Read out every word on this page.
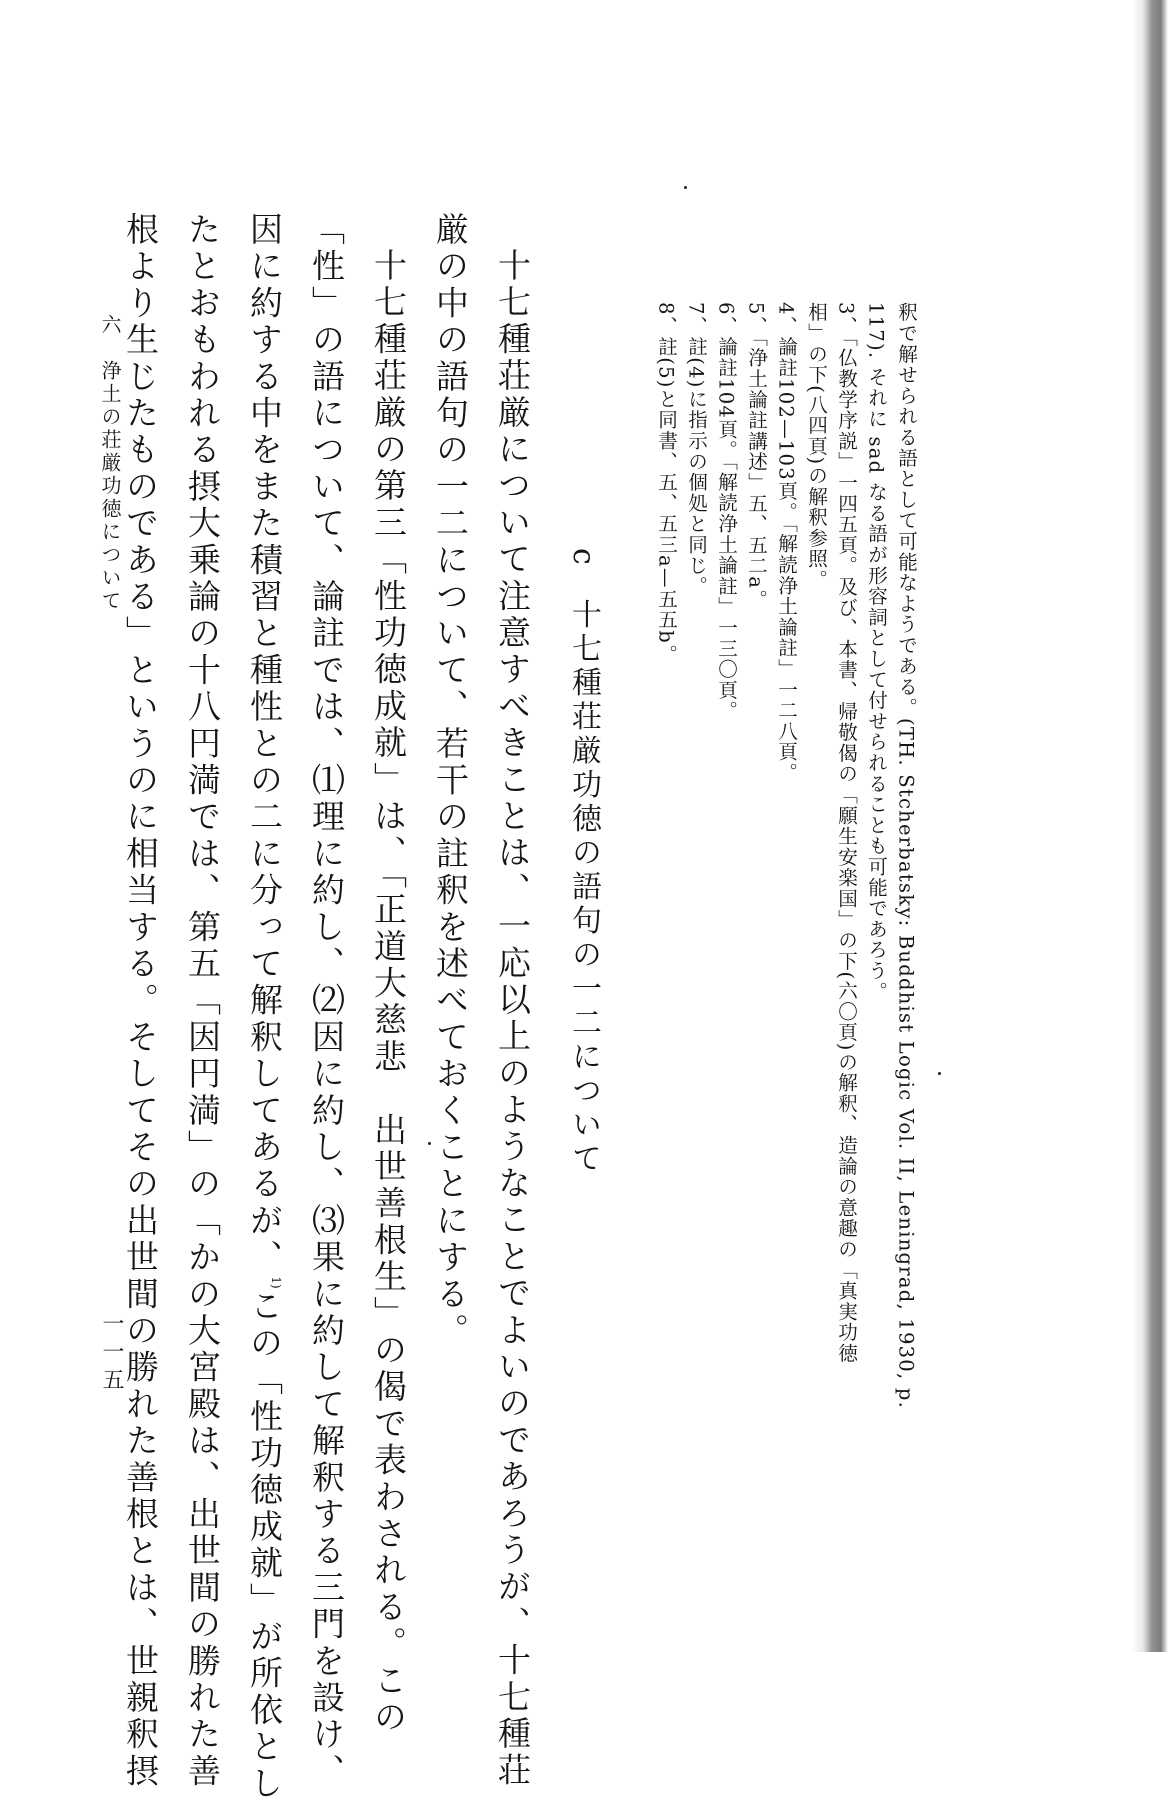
釈で解せられる語として可能なようである。(TH. Stcherbatsky: Buddhist Logic Vol. II, Leningrad, 1930, p.
117). それに sad なる語が形容詞として付せられることも可能であろう。
3、「仏教学序説」一四五頁。及び、本書、帰敬偈の「願生安楽国」の下(六〇頁)の解釈、造論の意趣の「真実功徳
相」の下(八四頁)の解釈参照。
4、論註102—103頁。「解読浄土論註」一二八頁。
5、「浄土論註講述」五、五二a。
6、論註104頁。「解読浄土論註」一三〇頁。
7、註(4)に指示の個処と同じ。
8、註(5)と同書、五、五三a—五五b。
c十七種荘厳功徳の語句の一二について
十七種荘厳について注意すべきことは、一応以上のようなことでよいのであろうが、十七種荘
厳の中の語句の一二について、若干の註釈を述べておくことにする。
十七種荘厳の第三「性功徳成就」は、「正道大慈悲　出世善根生」の偈で表わされる。この
「性」の語について、論註では、⑴理に約し、⑵因に約し、⑶果に約して解釈する三門を設け、
因に約する中をまた積習と種性との二に分って解釈してあるが、$^{1)}$この「性功徳成就」が所依とし
たとおもわれる摂大乗論の十八円満では、第五「因円満」の「かの大宮殿は、出世間の勝れた善
根より生じたものである」というのに相当する。そしてその出世間の勝れた善根とは、世親釈摂
六　浄土の荘厳功徳について
一一五
